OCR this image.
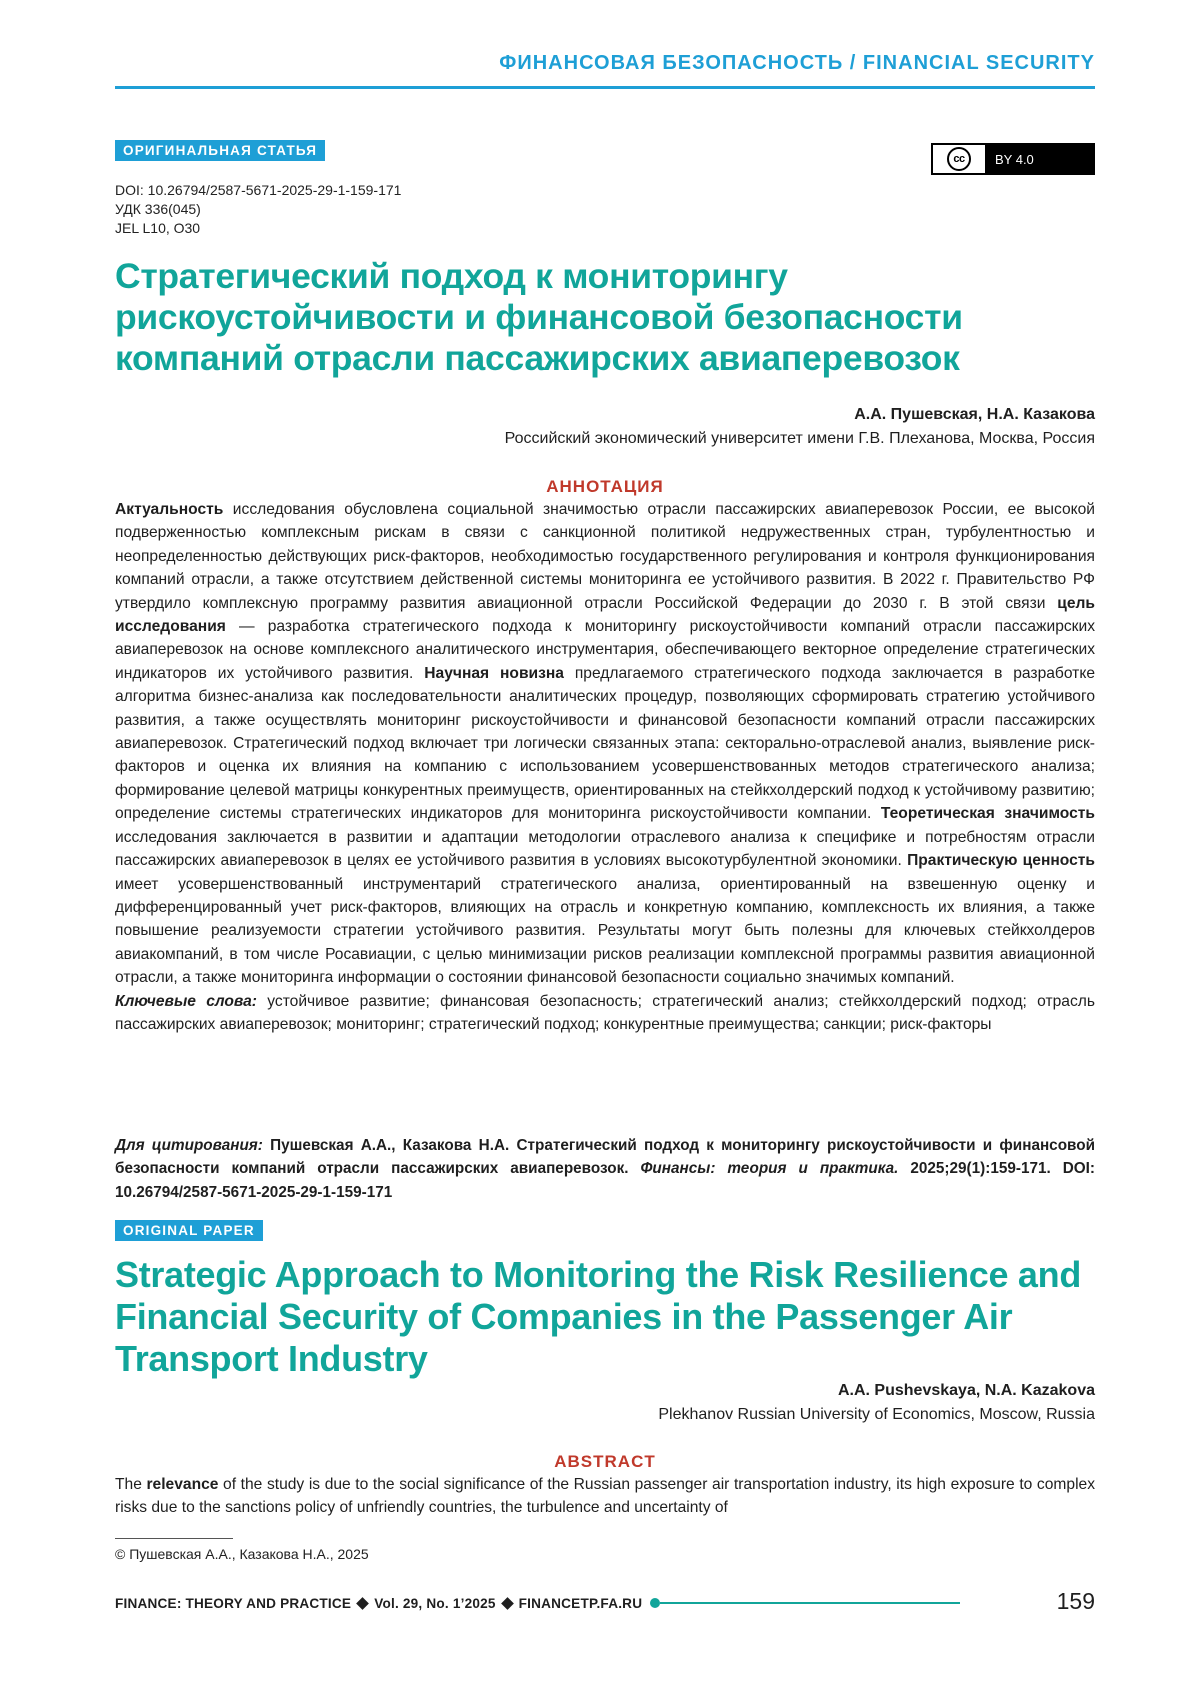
ФИНАНСОВАЯ БЕЗОПАСНОСТЬ / FINANCIAL SECURITY
ОРИГИНАЛЬНАЯ СТАТЬЯ
cc	BY 4.0
DOI: 10.26794/2587-5671-2025-29-1-159-171
УДК 336(045)
JEL L10, O30
Стратегический подход к мониторингу рискоустойчивости и финансовой безопасности компаний отрасли пассажирских авиаперевозок
А.А. Пушевская, Н.А. Казакова
Российский экономический университет имени Г.В. Плеханова, Москва, Россия
АННОТАЦИЯ

Актуальность исследования обусловлена социальной значимостью отрасли пассажирских авиаперевозок России, ее высокой подверженностью комплексным рискам в связи с санкционной политикой недружественных стран, турбулентностью и неопределенностью действующих риск-факторов, необходимостью государственного регулирования и контроля функционирования компаний отрасли, а также отсутствием действенной системы мониторинга ее устойчивого развития. В 2022 г. Правительство РФ утвердило комплексную программу развития авиационной отрасли Российской Федерации до 2030 г. В этой связи цель исследования — разработка стратегического подхода к мониторингу рискоустойчивости компаний отрасли пассажирских авиаперевозок на основе комплексного аналитического инструментария, обеспечивающего векторное определение стратегических индикаторов их устойчивого развития. Научная новизна предлагаемого стратегического подхода заключается в разработке алгоритма бизнес-анализа как последовательности аналитических процедур, позволяющих сформировать стратегию устойчивого развития, а также осуществлять мониторинг рискоустойчивости и финансовой безопасности компаний отрасли пассажирских авиаперевозок. Стратегический подход включает три логически связанных этапа: секторально-отраслевой анализ, выявление риск-факторов и оценка их влияния на компанию с использованием усовершенствованных методов стратегического анализа; формирование целевой матрицы конкурентных преимуществ, ориентированных на стейкхолдерский подход к устойчивому развитию; определение системы стратегических индикаторов для мониторинга рискоустойчивости компании. Теоретическая значимость исследования заключается в развитии и адаптации методологии отраслевого анализа к специфике и потребностям отрасли пассажирских авиаперевозок в целях ее устойчивого развития в условиях высокотурбулентной экономики. Практическую ценность имеет усовершенствованный инструментарий стратегического анализа, ориентированный на взвешенную оценку и дифференцированный учет риск-факторов, влияющих на отрасль и конкретную компанию, комплексность их влияния, а также повышение реализуемости стратегии устойчивого развития. Результаты могут быть полезны для ключевых стейкхолдеров авиакомпаний, в том числе Росавиации, с целью минимизации рисков реализации комплексной программы развития авиационной отрасли, а также мониторинга информации о состоянии финансовой безопасности социально значимых компаний.
Ключевые слова: устойчивое развитие; финансовая безопасность; стратегический анализ; стейкхолдерский подход; отрасль пассажирских авиаперевозок; мониторинг; стратегический подход; конкурентные преимущества; санкции; риск-факторы

Для цитирования: Пушевская А.А., Казакова Н.А. Стратегический подход к мониторингу рискоустойчивости и финансовой безопасности компаний отрасли пассажирских авиаперевозок. Финансы: теория и практика. 2025;29(1):159-171. DOI: 10.26794/2587-5671-2025-29-1-159-171

ORIGINAL PAPER
Strategic Approach to Monitoring the Risk Resilience and Financial Security of Companies in the Passenger Air Transport Industry
A.A. Pushevskaya, N.A. Kazakova
Plekhanov Russian University of Economics, Moscow, Russia
ABSTRACT

The relevance of the study is due to the social significance of the Russian passenger air transportation industry, its high exposure to complex risks due to the sanctions policy of unfriendly countries, the turbulence and uncertainty of

© Пушевская А.А., Казакова Н.А., 2025
FINANCE: THEORY AND PRACTICE Vol. 29, No. 1’2025 FINANCETP.FA.RU	159
